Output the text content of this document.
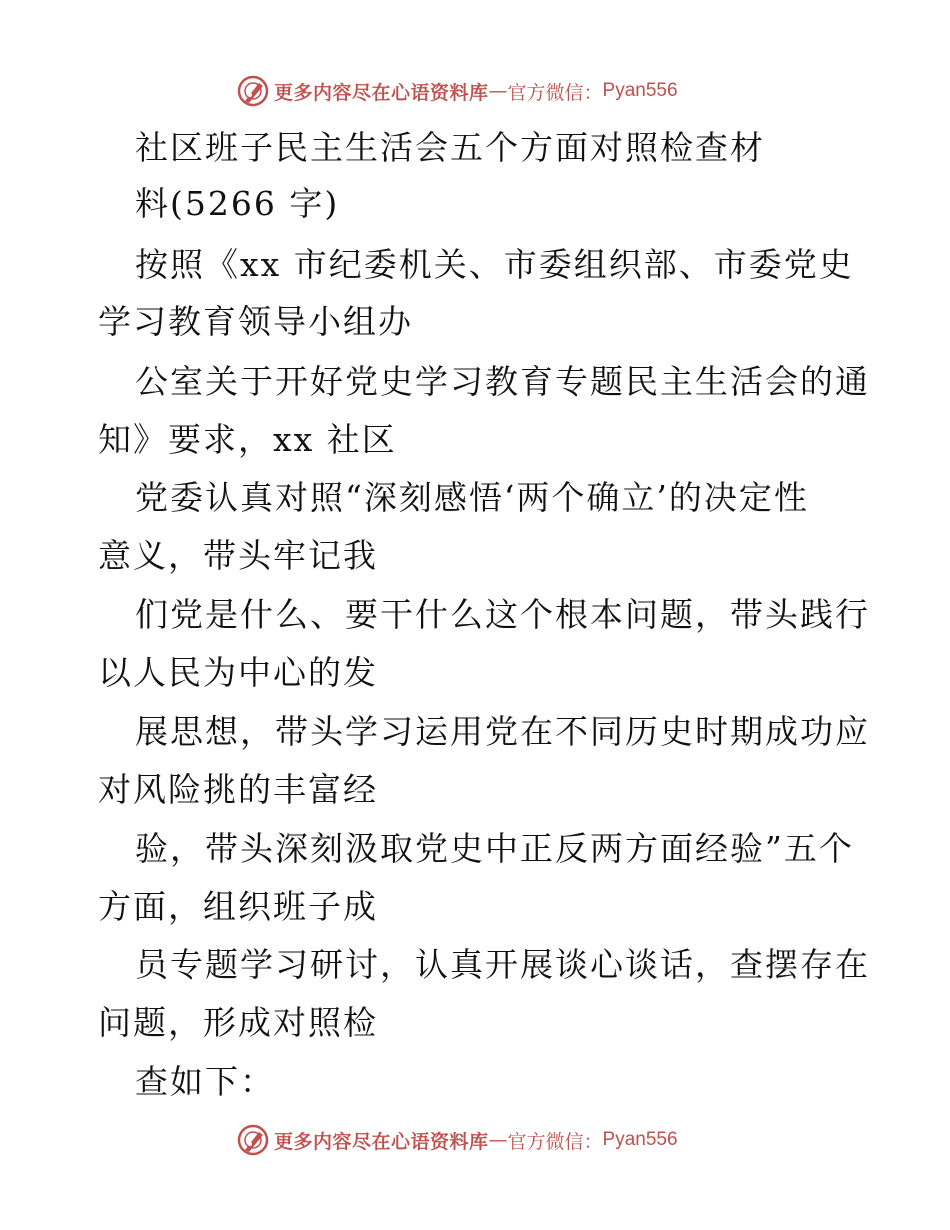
更多内容尽在心语资料库 — 官方微信： Pyan556

社区班子民主生活会五个方面对照检查材

料(5266 字)

按照《xx 市纪委机关、市委组织部、市委党史

学习教育领导小组办

公室关于开好党史学习教育专题民主生活会的通

知》要求，xx 社区

党委认真对照“深刻感悟‘两个确立’的决定性

意义，带头牢记我

们党是什么、要干什么这个根本问题，带头践行

以人民为中心的发

展思想，带头学习运用党在不同历史时期成功应

对风险挑的丰富经

验，带头深刻汲取党史中正反两方面经验”五个

方面，组织班子成

员专题学习研讨，认真开展谈心谈话，查摆存在

问题，形成对照检

查如下：

更多内容尽在心语资料库 — 官方微信： Pyan556
